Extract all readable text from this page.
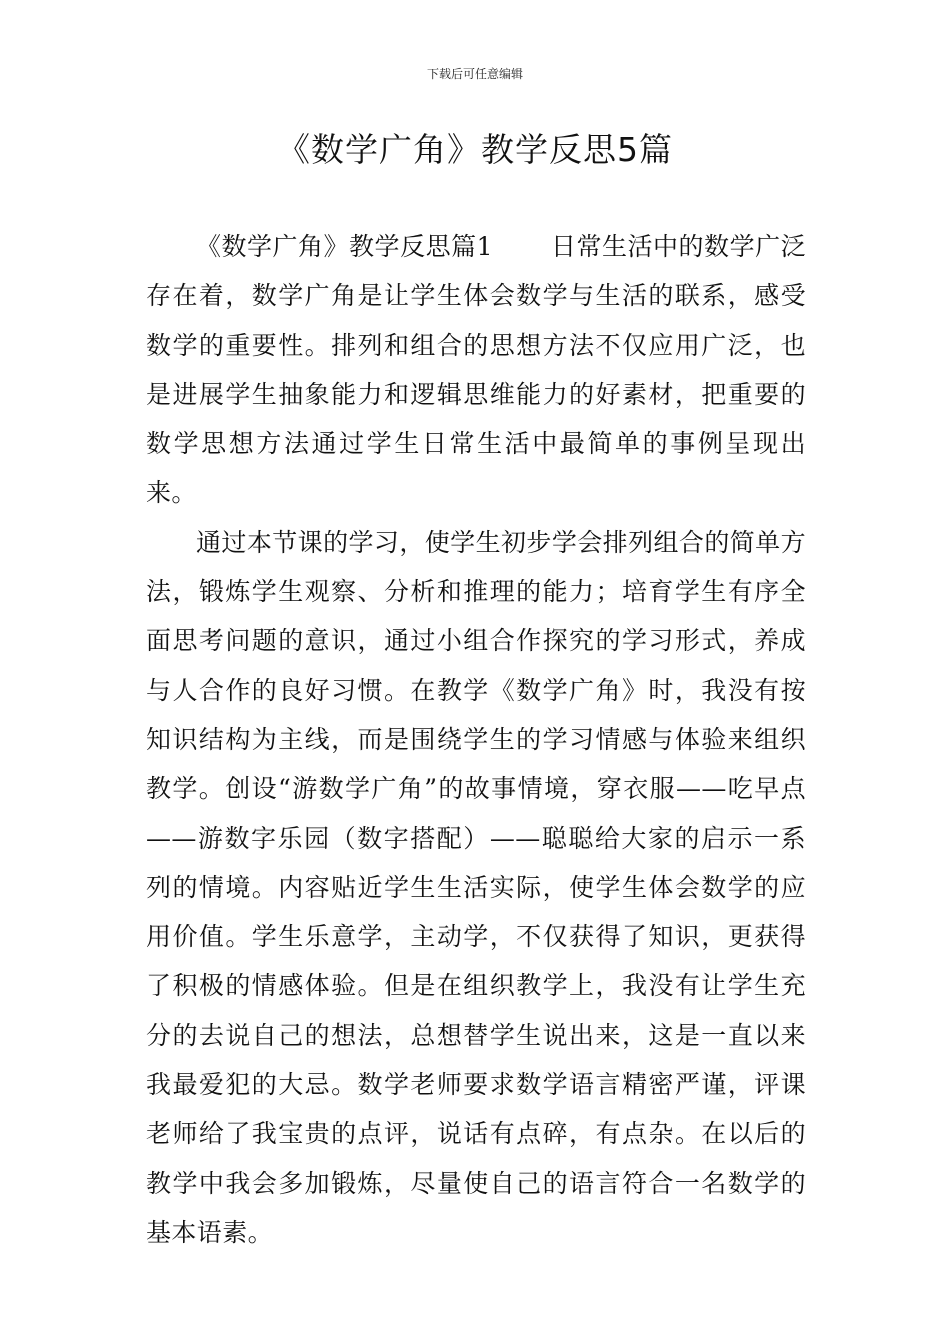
下载后可任意编辑
《数学广角》教学反思5篇

《数学广角》教学反思篇1 日常生活中的数学广泛存在着，数学广角是让学生体会数学与生活的联系，感受数学的重要性。排列和组合的思想方法不仅应用广泛，也是进展学生抽象能力和逻辑思维能力的好素材，把重要的数学思想方法通过学生日常生活中最简单的事例呈现出来。

通过本节课的学习，使学生初步学会排列组合的简单方法，锻炼学生观察、分析和推理的能力；培育学生有序全面思考问题的意识，通过小组合作探究的学习形式，养成与人合作的良好习惯。在教学《数学广角》时，我没有按知识结构为主线，而是围绕学生的学习情感与体验来组织教学。创设“游数学广角”的故事情境，穿衣服——吃早点——游数字乐园（数字搭配）——聪聪给大家的启示一系列的情境。内容贴近学生生活实际，使学生体会数学的应用价值。学生乐意学，主动学，不仅获得了知识，更获得了积极的情感体验。但是在组织教学上，我没有让学生充分的去说自己的想法，总想替学生说出来，这是一直以来我最爱犯的大忌。数学老师要求数学语言精密严谨，评课老师给了我宝贵的点评，说话有点碎，有点杂。在以后的教学中我会多加锻炼，尽量使自己的语言符合一名数学的基本语素。
